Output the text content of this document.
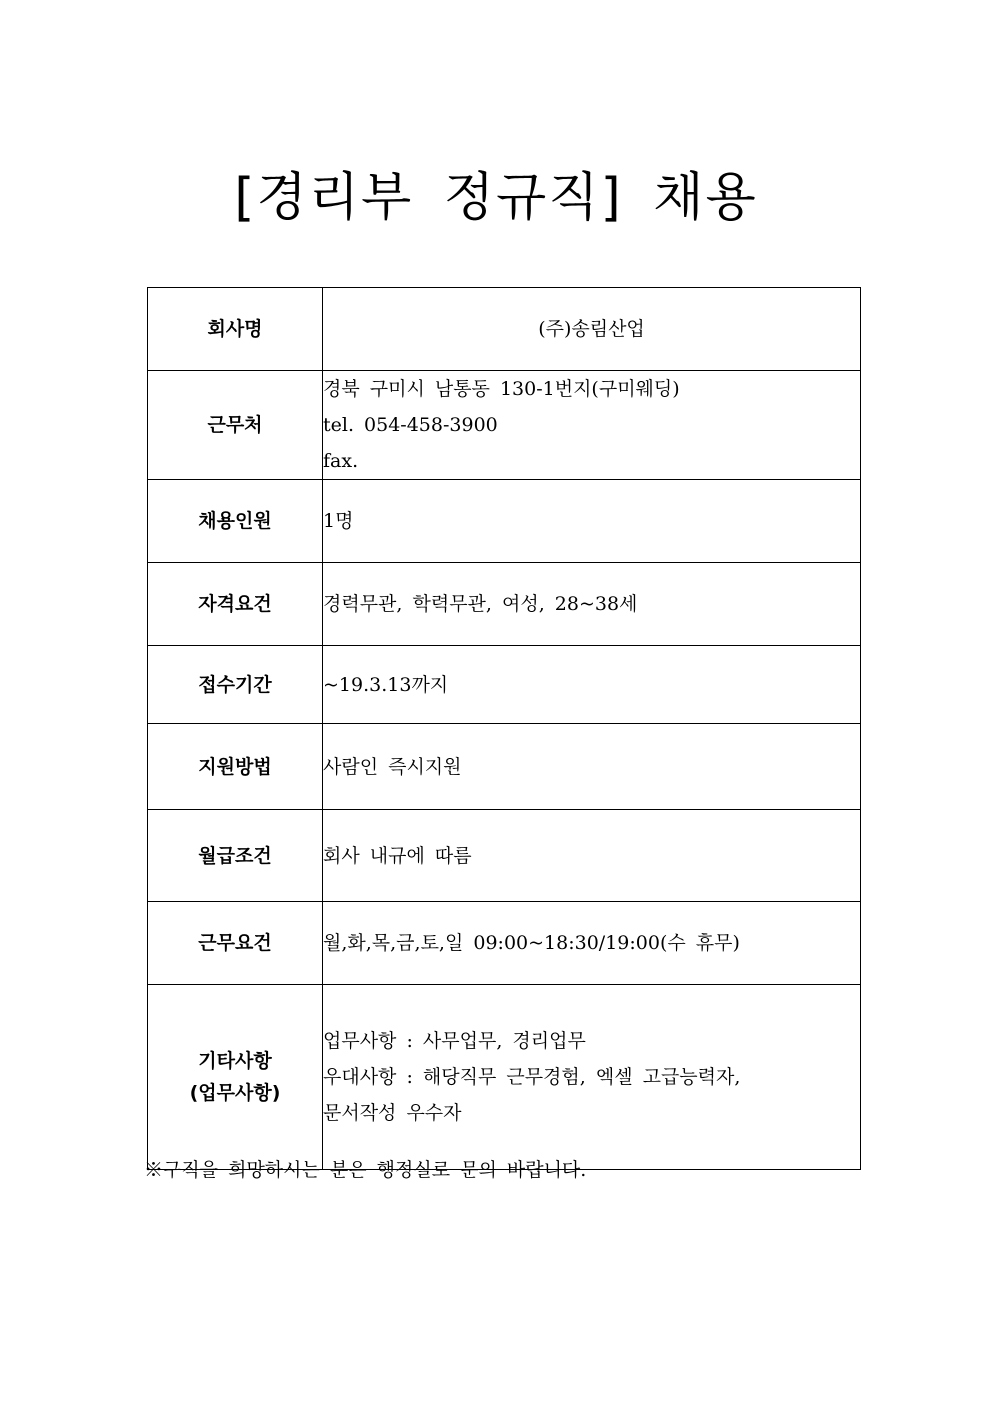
[경리부 정규직] 채용
회사명	(주)송림산업

근무처	경북 구미시 남통동 130-1번지(구미웨딩)
tel. 054-458-3900
fax.

채용인원	1명

자격요건	경력무관, 학력무관, 여성, 28~38세

접수기간	~19.3.13까지

지원방법	사람인 즉시지원

월급조건	회사 내규에 따름

근무요건	월,화,목,금,토,일 09:00~18:30/19:00(수 휴무)

기타사항
(업무사항)	업무사항 : 사무업무, 경리업무
우대사항 : 해당직무 근무경험, 엑셀 고급능력자,
문서작성 우수자
※구직을 희망하시는 분은 행정실로 문의 바랍니다.
